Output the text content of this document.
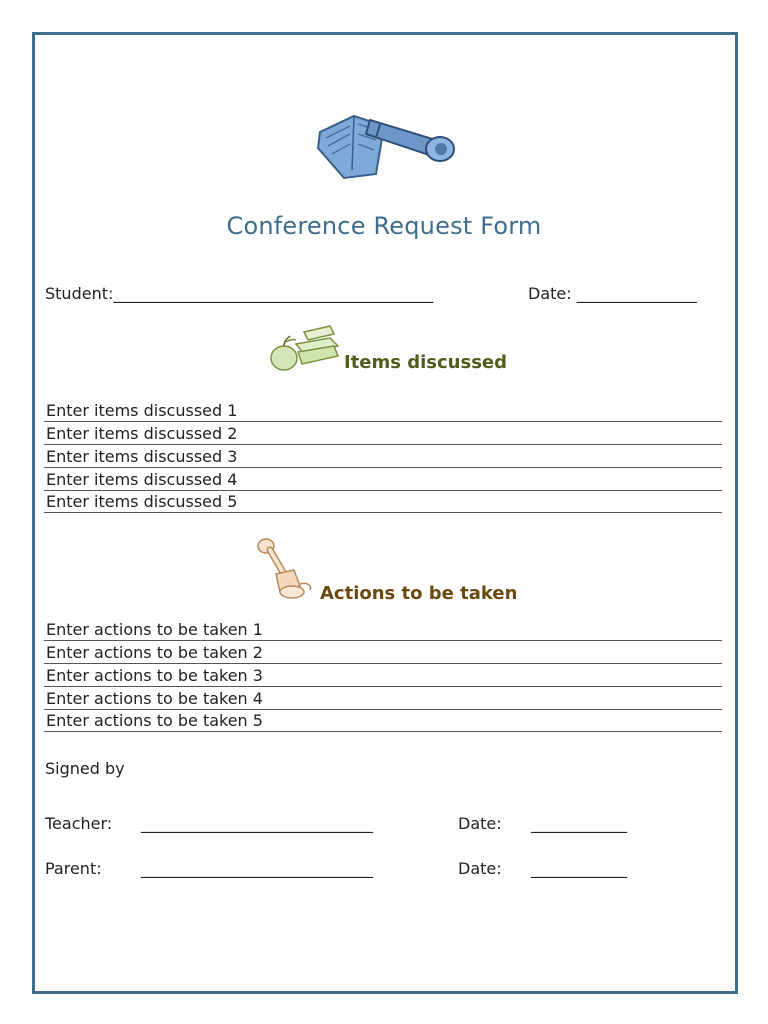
Conference Request Form
Student:________________________________________	Date: _______________
Items discussed
Enter items discussed 1
Enter items discussed 2
Enter items discussed 3
Enter items discussed 4
Enter items discussed 5
Actions to be taken
Enter actions to be taken 1
Enter actions to be taken 2
Enter actions to be taken 3
Enter actions to be taken 4
Enter actions to be taken 5
Signed by
Teacher: _____________________________	Date: ____________
Parent: _____________________________	Date: ____________
